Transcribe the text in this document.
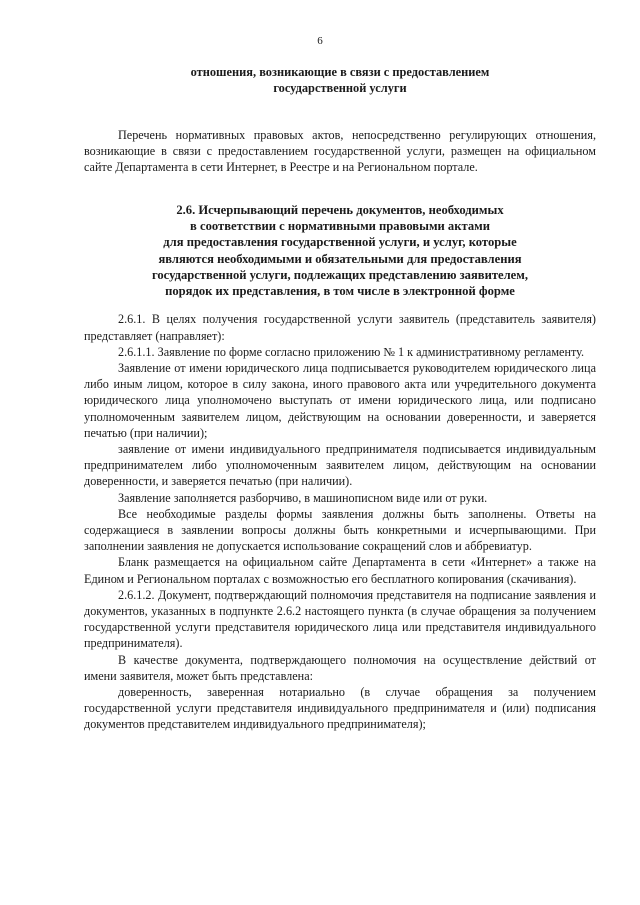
6
отношения, возникающие в связи с предоставлением
государственной услуги

Перечень нормативных правовых актов, непосредственно регулирующих отношения, возникающие в связи с предоставлением государственной услуги, размещен на официальном сайте Департамента в сети Интернет, в Реестре и на Региональном портале.

2.6. Исчерпывающий перечень документов, необходимых
в соответствии с нормативными правовыми актами
для предоставления государственной услуги, и услуг, которые
являются необходимыми и обязательными для предоставления
государственной услуги, подлежащих представлению заявителем,
порядок их представления, в том числе в электронной форме

2.6.1. В целях получения государственной услуги заявитель (представитель заявителя) представляет (направляет):

2.6.1.1. Заявление по форме согласно приложению № 1 к административному регламенту.

Заявление от имени юридического лица подписывается руководителем юридического лица либо иным лицом, которое в силу закона, иного правового акта или учредительного документа юридического лица уполномочено выступать от имени юридического лица, или подписано уполномоченным заявителем лицом, действующим на основании доверенности, и заверяется печатью (при наличии);

заявление от имени индивидуального предпринимателя подписывается индивидуальным предпринимателем либо уполномоченным заявителем лицом, действующим на основании доверенности, и заверяется печатью (при наличии).

Заявление заполняется разборчиво, в машинописном виде или от руки.

Все необходимые разделы формы заявления должны быть заполнены. Ответы на содержащиеся в заявлении вопросы должны быть конкретными и исчерпывающими. При заполнении заявления не допускается использование сокращений слов и аббревиатур.

Бланк размещается на официальном сайте Департамента в сети «Интернет» а также на Едином и Региональном порталах с возможностью его бесплатного копирования (скачивания).

2.6.1.2. Документ, подтверждающий полномочия представителя на подписание заявления и документов, указанных в подпункте 2.6.2 настоящего пункта (в случае обращения за получением государственной услуги представителя юридического лица или представителя индивидуального предпринимателя).

В качестве документа, подтверждающего полномочия на осуществление действий от имени заявителя, может быть представлена:

доверенность, заверенная нотариально (в случае обращения за получением государственной услуги представителя индивидуального предпринимателя и (или) подписания документов представителем индивидуального предпринимателя);
